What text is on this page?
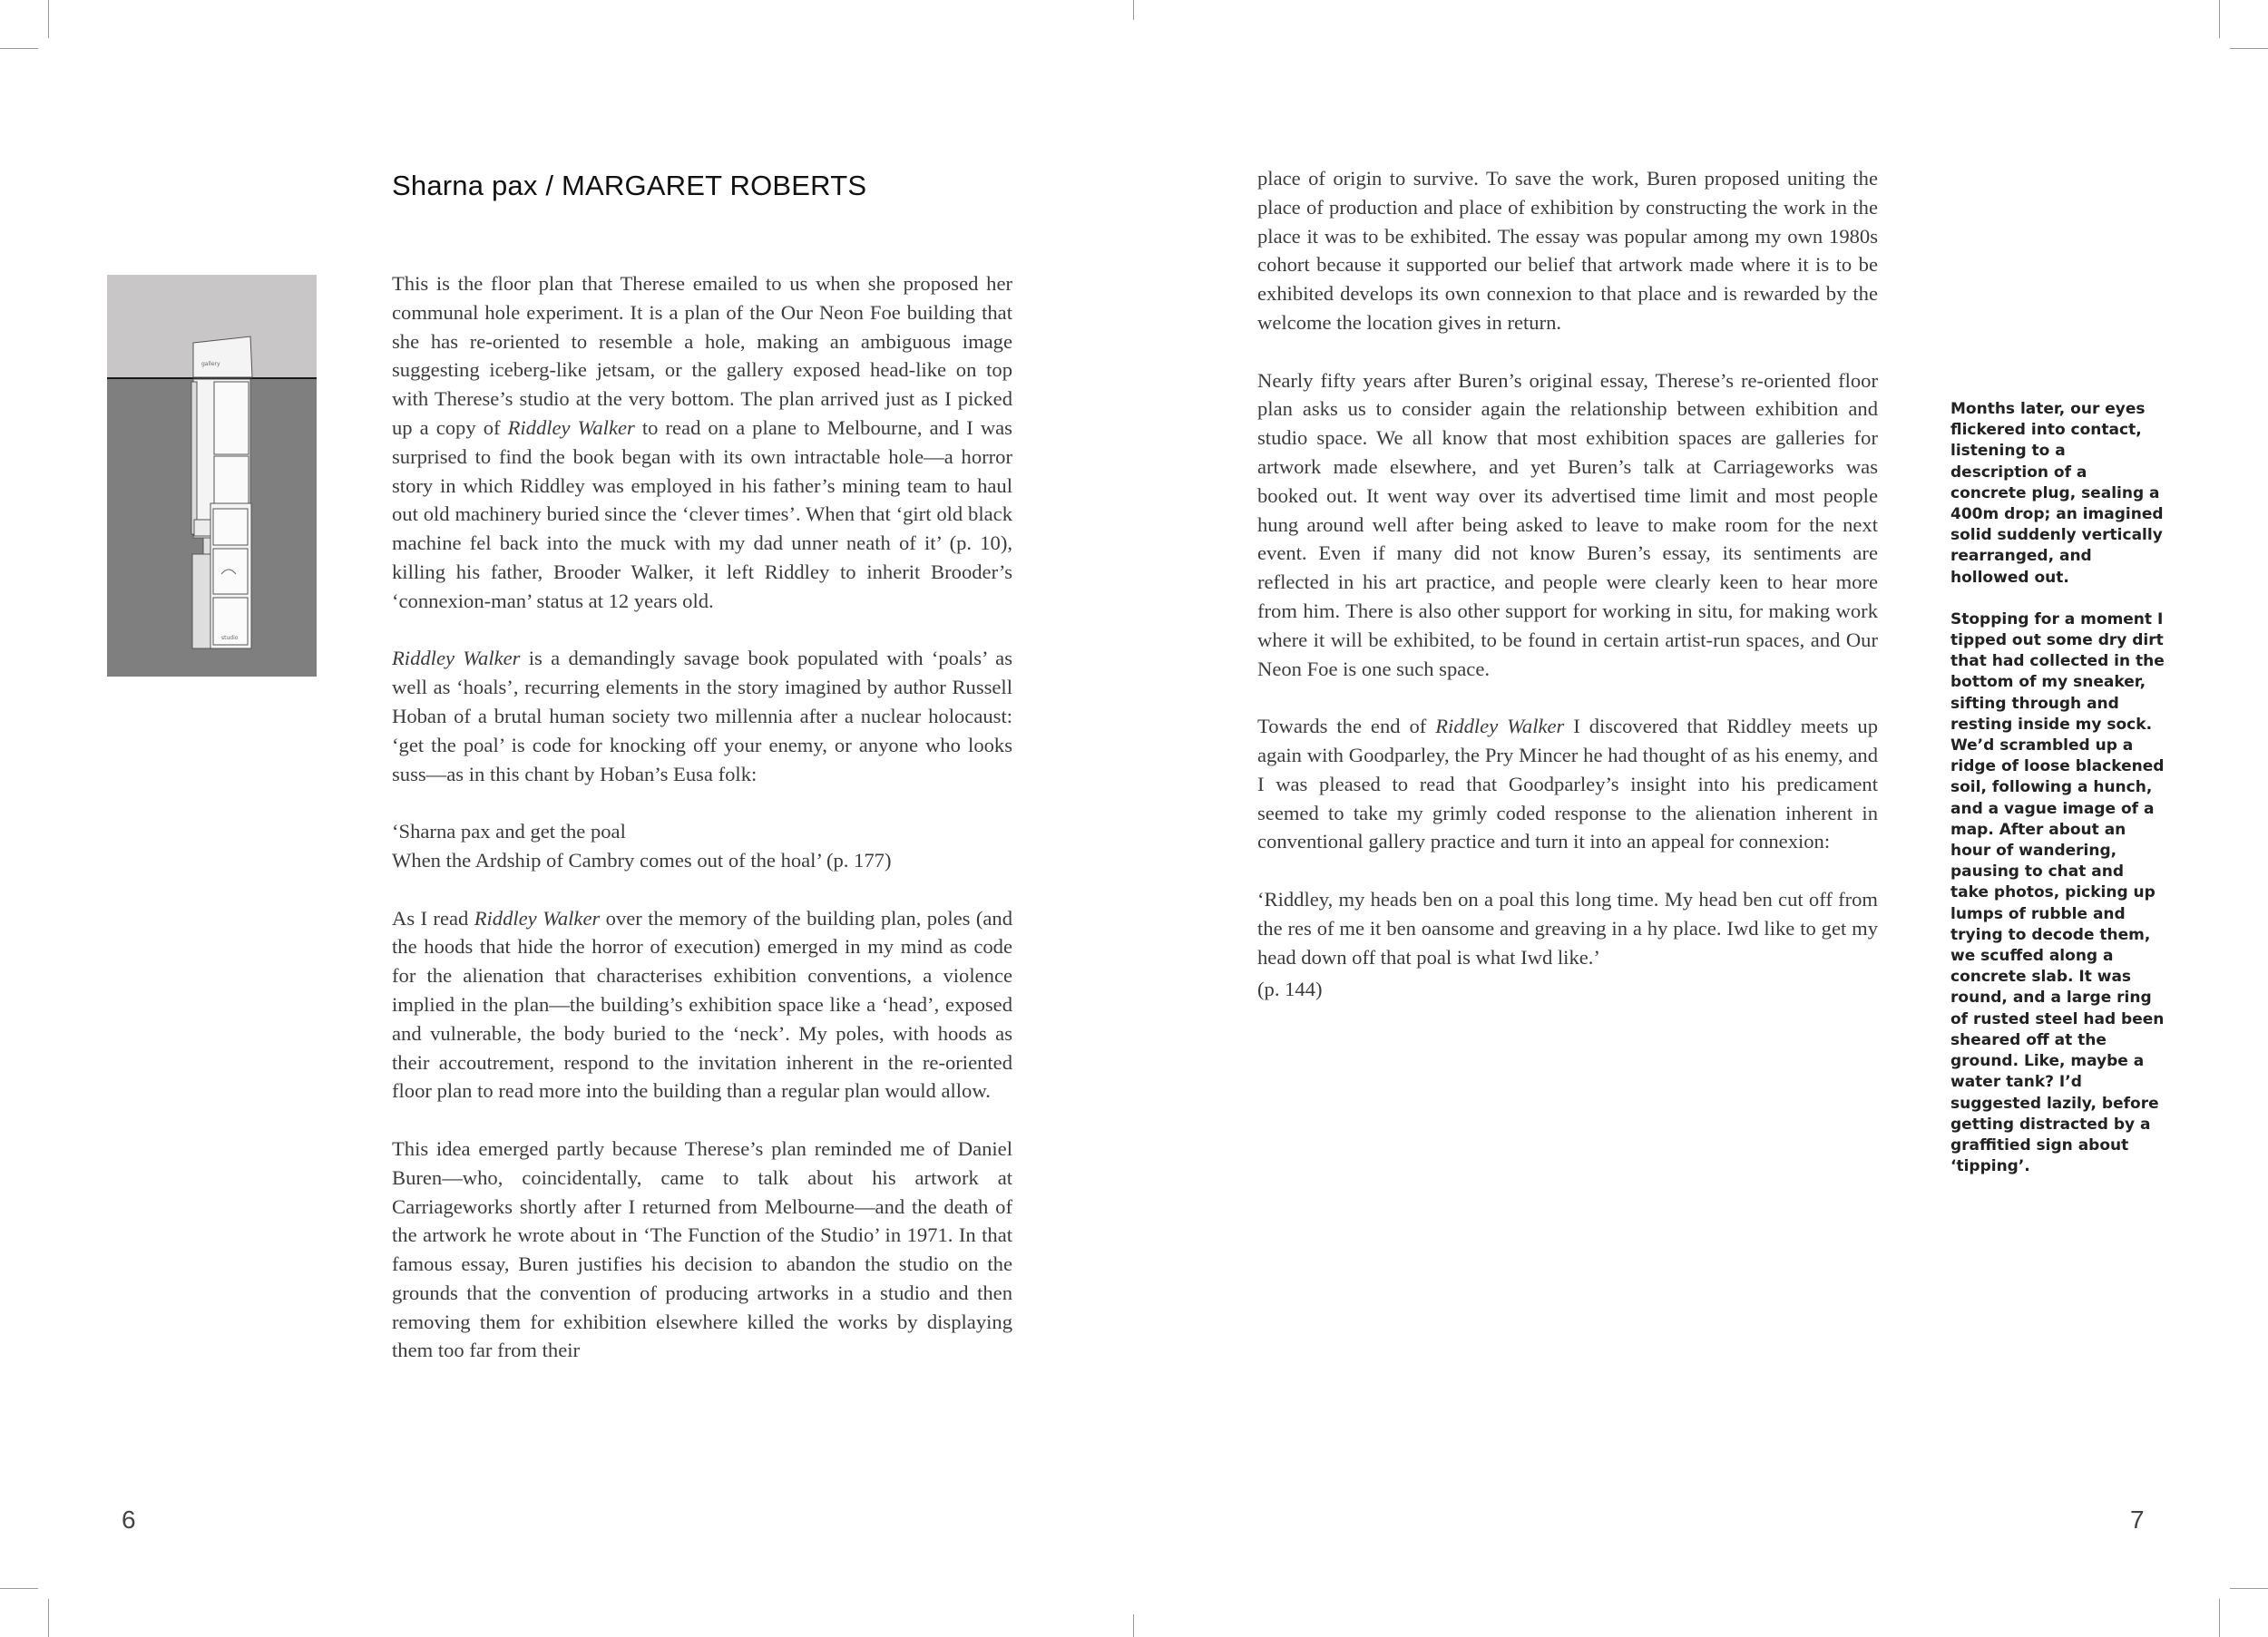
gallery
studio
Sharna pax / MARGARET ROBERTS

This is the floor plan that Therese emailed to us when she proposed her communal hole experiment. It is a plan of the Our Neon Foe building that she has re-oriented to resemble a hole, making an ambiguous image suggesting iceberg-like jetsam, or the gallery exposed head-like on top with Therese’s studio at the very bottom. The plan arrived just as I picked up a copy of Riddley Walker to read on a plane to Melbourne, and I was surprised to find the book began with its own intractable hole—a horror story in which Riddley was employed in his father’s mining team to haul out old machinery buried since the ‘clever times’. When that ‘girt old black machine fel back into the muck with my dad unner neath of it’ (p. 10), killing his father, Brooder Walker, it left Riddley to inherit Brooder’s ‘connexion-man’ status at 12 years old.

Riddley Walker is a demandingly savage book populated with ‘poals’ as well as ‘hoals’, recurring elements in the story imagined by author Russell Hoban of a brutal human society two millennia after a nuclear holocaust: ‘get the poal’ is code for knocking off your enemy, or anyone who looks suss—as in this chant by Hoban’s Eusa folk:

‘Sharna pax and get the poal
When the Ardship of Cambry comes out of the hoal’ (p. 177)

As I read Riddley Walker over the memory of the building plan, poles (and the hoods that hide the horror of execution) emerged in my mind as code for the alienation that characterises exhibition conventions, a violence implied in the plan—the building’s exhibition space like a ‘head’, exposed and vulnerable, the body buried to the ‘neck’. My poles, with hoods as their accoutrement, respond to the invitation inherent in the re-oriented floor plan to read more into the building than a regular plan would allow.

This idea emerged partly because Therese’s plan reminded me of Daniel Buren—who, coincidentally, came to talk about his artwork at Carriageworks shortly after I returned from Melbourne—and the death of the artwork he wrote about in ‘The Function of the Studio’ in 1971. In that famous essay, Buren justifies his decision to abandon the studio on the grounds that the convention of producing artworks in a studio and then removing them for exhibition elsewhere killed the works by displaying them too far from their

place of origin to survive. To save the work, Buren proposed uniting the place of production and place of exhibition by constructing the work in the place it was to be exhibited. The essay was popular among my own 1980s cohort because it supported our belief that artwork made where it is to be exhibited develops its own connexion to that place and is rewarded by the welcome the location gives in return.

Nearly fifty years after Buren’s original essay, Therese’s re-oriented floor plan asks us to consider again the relationship between exhibition and studio space. We all know that most exhibition spaces are galleries for artwork made elsewhere, and yet Buren’s talk at Carriageworks was booked out. It went way over its advertised time limit and most people hung around well after being asked to leave to make room for the next event. Even if many did not know Buren’s essay, its sentiments are reflected in his art practice, and people were clearly keen to hear more from him. There is also other support for working in situ, for making work where it will be exhibited, to be found in certain artist-run spaces, and Our Neon Foe is one such space.

Towards the end of Riddley Walker I discovered that Riddley meets up again with Goodparley, the Pry Mincer he had thought of as his enemy, and I was pleased to read that Goodparley’s insight into his predicament seemed to take my grimly coded response to the alienation inherent in conventional gallery practice and turn it into an appeal for connexion:

‘Riddley, my heads ben on a poal this long time. My head ben cut off from the res of me it ben oansome and greaving in a hy place. Iwd like to get my head down off that poal is what Iwd like.’

(p. 144)

Months later, our eyes flickered into contact, listening to a description of a concrete plug, sealing a 400m drop; an imagined solid suddenly vertically rearranged, and hollowed out.

Stopping for a moment I tipped out some dry dirt that had collected in the bottom of my sneaker, sifting through and resting inside my sock. We’d scrambled up a ridge of loose blackened soil, following a hunch, and a vague image of a map. After about an hour of wandering, pausing to chat and take photos, picking up lumps of rubble and trying to decode them, we scuffed along a concrete slab. It was round, and a large ring of rusted steel had been sheared off at the ground. Like, maybe a water tank? I’d suggested lazily, before getting distracted by a graffitied sign about ‘tipping’.

6	7
